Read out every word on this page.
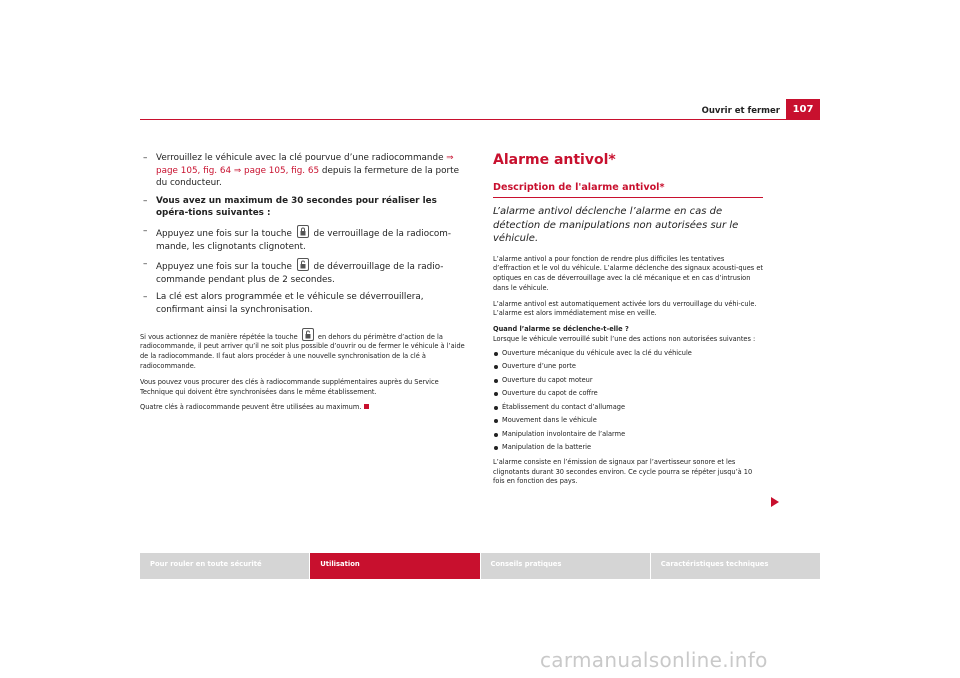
Ouvrir et fermer	107
– Verrouillez le véhicule avec la clé pourvue d’une radiocommande ⇒ page 105, fig. 64 ⇒ page 105, fig. 65 depuis la fermeture de la porte du conducteur.
– Vous avez un maximum de 30 secondes pour réaliser les opéra-tions suivantes :
– Appuyez une fois sur la touche
de verrouillage de la radiocom-mande, les clignotants clignotent.
– Appuyez une fois sur la touche
de déverrouillage de la radio-commande pendant plus de 2 secondes.
– La clé est alors programmée et le véhicule se déverrouillera, confirmant ainsi la synchronisation.

Si vous actionnez de manière répétée la touche
en dehors du périmètre d’action de la radiocommande, il peut arriver qu’il ne soit plus possible d’ouvrir ou de fermer le véhicule à l’aide de la radiocommande. Il faut alors procéder à une nouvelle synchronisation de la clé à radiocommande.

Vous pouvez vous procurer des clés à radiocommande supplémentaires auprès du Service Technique qui doivent être synchronisées dans le même établissement.

Quatre clés à radiocommande peuvent être utilisées au maximum.

Alarme antivol*
Description de l'alarme antivol*

L’alarme antivol déclenche l’alarme en cas de détection de manipulations non autorisées sur le véhicule.

L’alarme antivol a pour fonction de rendre plus difficiles les tentatives d’effraction et le vol du véhicule. L’alarme déclenche des signaux acousti-ques et optiques en cas de déverrouillage avec la clé mécanique et en cas d’intrusion dans le véhicule.

L’alarme antivol est automatiquement activée lors du verrouillage du véhi-cule. L’alarme est alors immédiatement mise en veille.

Quand l’alarme se déclenche-t-elle ?

Lorsque le véhicule verrouillé subit l’une des actions non autorisées suivantes :

Ouverture mécanique du véhicule avec la clé du véhicule
Ouverture d’une porte
Ouverture du capot moteur
Ouverture du capot de coffre
Établissement du contact d’allumage
Mouvement dans le véhicule
Manipulation involontaire de l’alarme
Manipulation de la batterie

L’alarme consiste en l’émission de signaux par l’avertisseur sonore et les clignotants durant 30 secondes environ. Ce cycle pourra se répéter jusqu’à 10 fois en fonction des pays.

Pour rouler en toute sécurité	Utilisation	Conseils pratiques	Caractéristiques techniques
carmanualsonline.info
